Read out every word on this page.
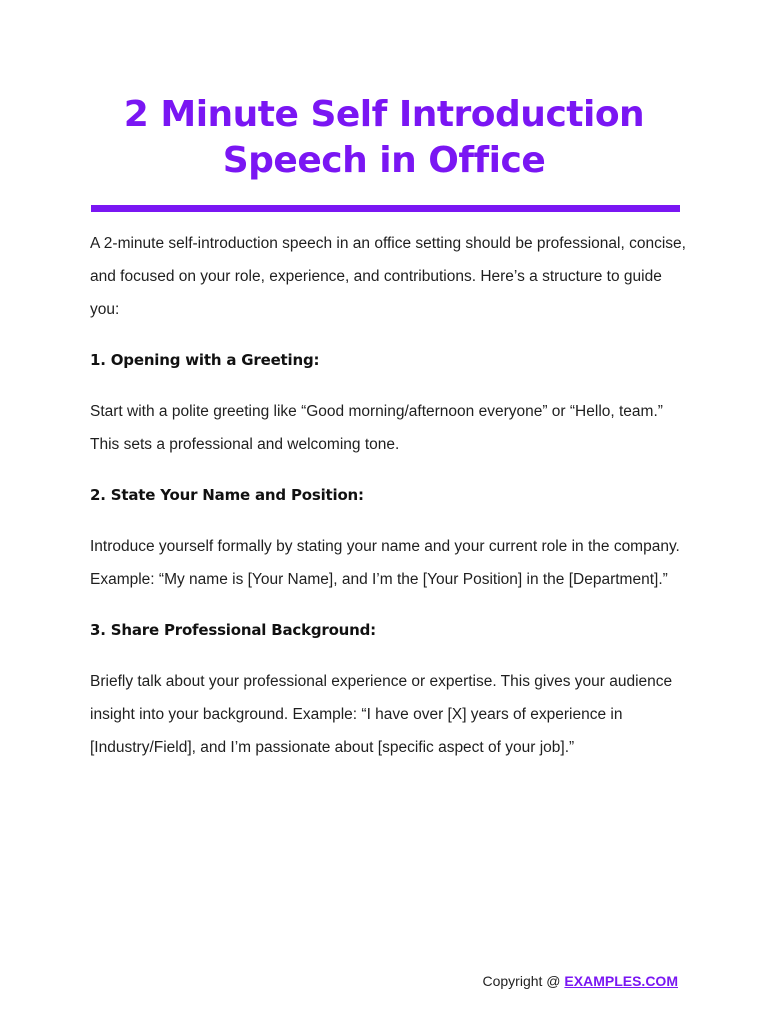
2 Minute Self Introduction Speech in Office

A 2-minute self-introduction speech in an office setting should be professional, concise, and focused on your role, experience, and contributions. Here’s a structure to guide you:

1. Opening with a Greeting:

Start with a polite greeting like “Good morning/afternoon everyone” or “Hello, team.” This sets a professional and welcoming tone.

2. State Your Name and Position:

Introduce yourself formally by stating your name and your current role in the company. Example: “My name is [Your Name], and I’m the [Your Position] in the [Department].”

3. Share Professional Background:

Briefly talk about your professional experience or expertise. This gives your audience insight into your background. Example: “I have over [X] years of experience in [Industry/Field], and I’m passionate about [specific aspect of your job].”

Copyright @ EXAMPLES.COM
